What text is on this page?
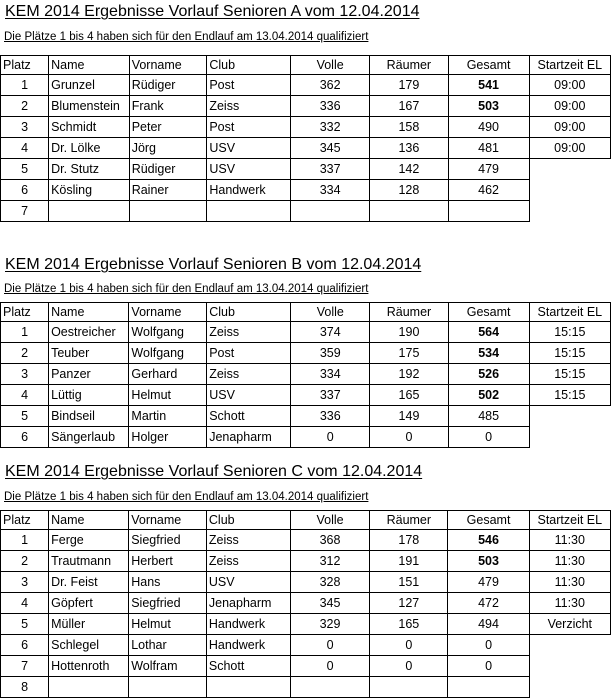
KEM 2014 Ergebnisse Vorlauf Senioren A vom 12.04.2014
Die Plätze 1 bis 4 haben sich für den Endlauf am 13.04.2014 qualifiziert
Platz	Name	Vorname	Club	Volle	Räumer	Gesamt	Startzeit EL
1	Grunzel	Rüdiger	Post	362	179	541	09:00
2	Blumenstein	Frank	Zeiss	336	167	503	09:00
3	Schmidt	Peter	Post	332	158	490	09:00
4	Dr. Lölke	Jörg	USV	345	136	481	09:00
5	Dr. Stutz	Rüdiger	USV	337	142	479	
6	Kösling	Rainer	Handwerk	334	128	462	
7							
KEM 2014 Ergebnisse Vorlauf Senioren B vom 12.04.2014
Die Plätze 1 bis 4 haben sich für den Endlauf am 13.04.2014 qualifiziert
Platz	Name	Vorname	Club	Volle	Räumer	Gesamt	Startzeit EL
1	Oestreicher	Wolfgang	Zeiss	374	190	564	15:15
2	Teuber	Wolfgang	Post	359	175	534	15:15
3	Panzer	Gerhard	Zeiss	334	192	526	15:15
4	Lüttig	Helmut	USV	337	165	502	15:15
5	Bindseil	Martin	Schott	336	149	485	
6	Sängerlaub	Holger	Jenapharm	0	0	0	
KEM 2014 Ergebnisse Vorlauf Senioren C vom 12.04.2014
Die Plätze 1 bis 4 haben sich für den Endlauf am 13.04.2014 qualifiziert
Platz	Name	Vorname	Club	Volle	Räumer	Gesamt	Startzeit EL
1	Ferge	Siegfried	Zeiss	368	178	546	11:30
2	Trautmann	Herbert	Zeiss	312	191	503	11:30
3	Dr. Feist	Hans	USV	328	151	479	11:30
4	Göpfert	Siegfried	Jenapharm	345	127	472	11:30
5	Müller	Helmut	Handwerk	329	165	494	Verzicht
6	Schlegel	Lothar	Handwerk	0	0	0	
7	Hottenroth	Wolfram	Schott	0	0	0	
8							
